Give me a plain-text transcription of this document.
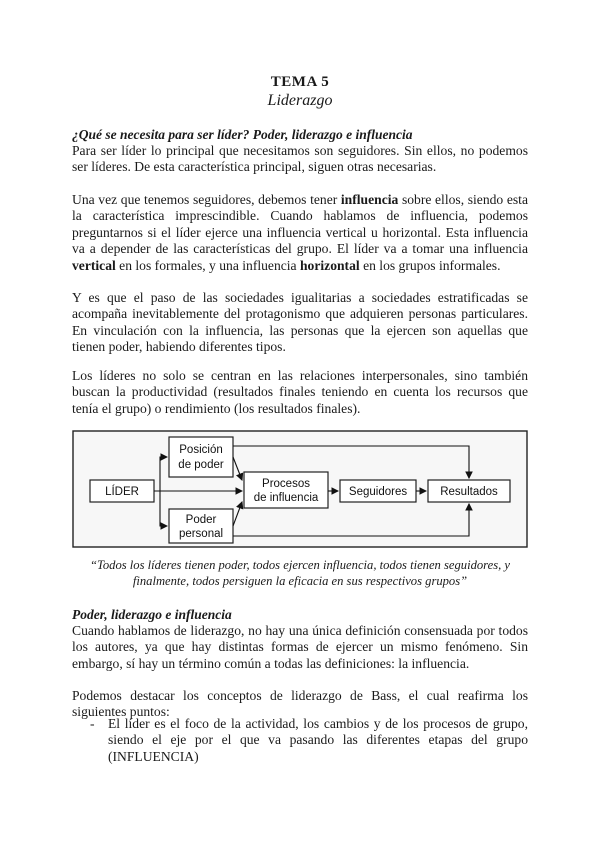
TEMA 5
Liderazgo
¿Qué se necesita para ser líder? Poder, liderazgo e influencia
Para ser líder lo principal que necesitamos son seguidores. Sin ellos, no podemos ser líderes. De esta característica principal, siguen otras necesarias.
Una vez que tenemos seguidores, debemos tener influencia sobre ellos, siendo esta la característica imprescindible. Cuando hablamos de influencia, podemos preguntarnos si el líder ejerce una influencia vertical u horizontal. Esta influencia va a depender de las características del grupo. El líder va a tomar una influencia vertical en los formales, y una influencia horizontal en los grupos informales.
Y es que el paso de las sociedades igualitarias a sociedades estratificadas se acompaña inevitablemente del protagonismo que adquieren personas particulares. En vinculación con la influencia, las personas que la ejercen son aquellas que tienen poder, habiendo diferentes tipos.
Los líderes no solo se centran en las relaciones interpersonales, sino también buscan la productividad (resultados finales teniendo en cuenta los recursos que tenía el grupo) o rendimiento (los resultados finales).
LÍDER
Posición
de poder
Poder
personal
Procesos
de influencia	Seguidores	Resultados
“Todos los líderes tienen poder, todos ejercen influencia, todos tienen seguidores, y
finalmente, todos persiguen la eficacia en sus respectivos grupos”
Poder, liderazgo e influencia
Cuando hablamos de liderazgo, no hay una única definición consensuada por todos los autores, ya que hay distintas formas de ejercer un mismo fenómeno. Sin embargo, sí hay un término común a todas las definiciones: la influencia.
Podemos destacar los conceptos de liderazgo de Bass, el cual reafirma los siguientes puntos:
- El líder es el foco de la actividad, los cambios y de los procesos de grupo, siendo el eje por el que va pasando las diferentes etapas del grupo (INFLUENCIA)
